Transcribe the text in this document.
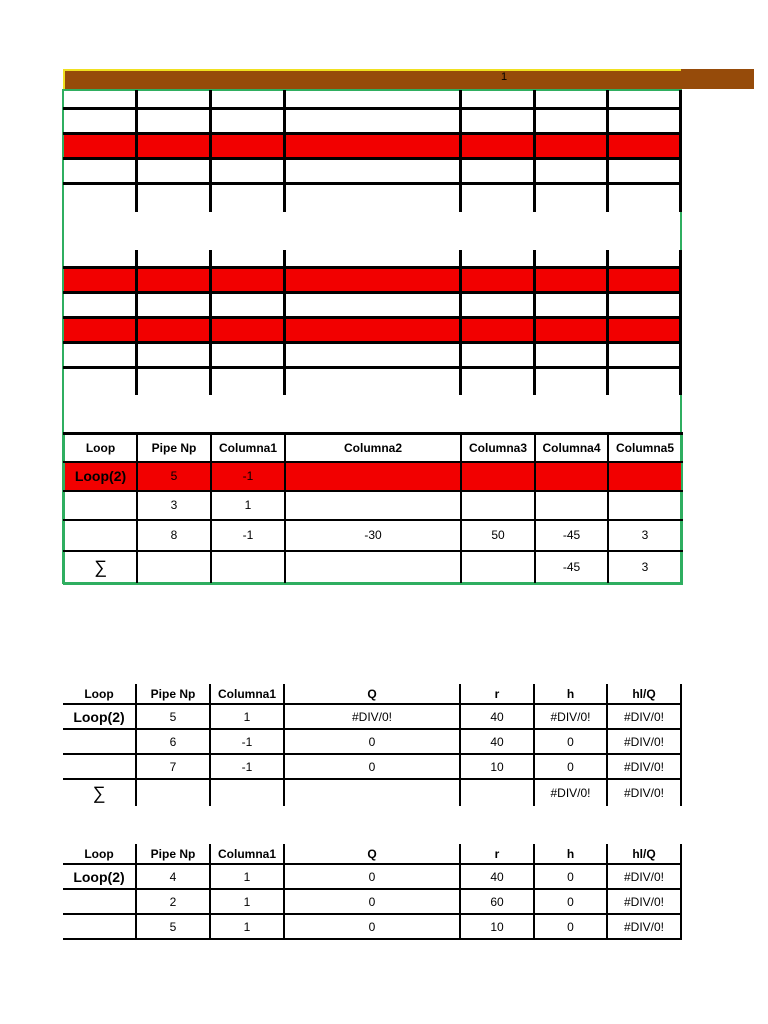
1
Loop	Pipe Np	Columna1	Columna2	Columna3	Columna4	Columna5
Loop(2)	5	-1				
	3	1				
	8	-1	-30	50	-45	3
∑					-45	3
Loop	Pipe Np	Columna1	Q	r	h	hl/Q
Loop(2)	5	1	#DIV/0!	40	#DIV/0!	#DIV/0!
	6	-1	0	40	0	#DIV/0!
	7	-1	0	10	0	#DIV/0!
∑					#DIV/0!	#DIV/0!
Loop	Pipe Np	Columna1	Q	r	h	hl/Q
Loop(2)	4	1	0	40	0	#DIV/0!
	2	1	0	60	0	#DIV/0!
	5	1	0	10	0	#DIV/0!
